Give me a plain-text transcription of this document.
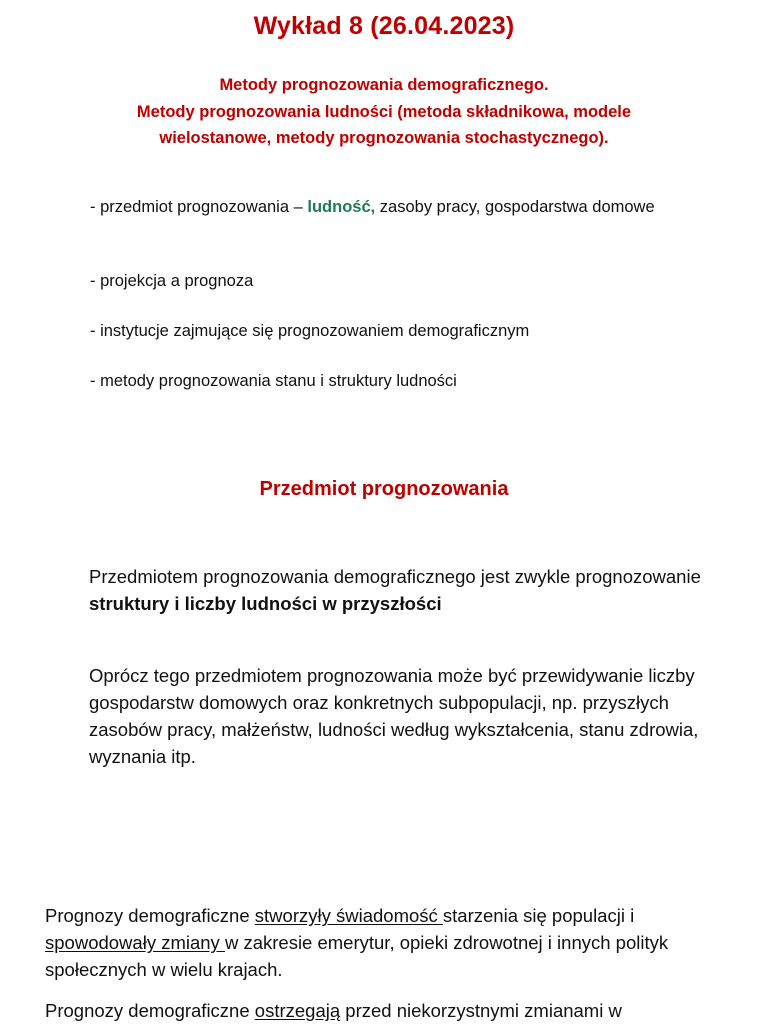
Wykład 8 (26.04.2023)
Metody prognozowania demograficznego.
Metody prognozowania ludności (metoda składnikowa, modele
wielostanowe, metody prognozowania stochastycznego).
- przedmiot prognozowania – ludność, zasoby pracy, gospodarstwa domowe
- projekcja a prognoza
- instytucje zajmujące się prognozowaniem demograficznym
- metody prognozowania stanu i struktury ludności
Przedmiot prognozowania
Przedmiotem prognozowania demograficznego jest zwykle prognozowanie struktury i liczby ludności w przyszłości
Oprócz tego przedmiotem prognozowania może być przewidywanie liczby gospodarstw domowych oraz konkretnych subpopulacji, np. przyszłych zasobów pracy, małżeństw, ludności według wykształcenia, stanu zdrowia, wyznania itp.
Prognozy demograficzne stworzyły świadomość starzenia się populacji i spowodowały zmiany w zakresie emerytur, opieki zdrowotnej i innych polityk społecznych w wielu krajach.
Prognozy demograficzne ostrzegają przed niekorzystnymi zmianami w
